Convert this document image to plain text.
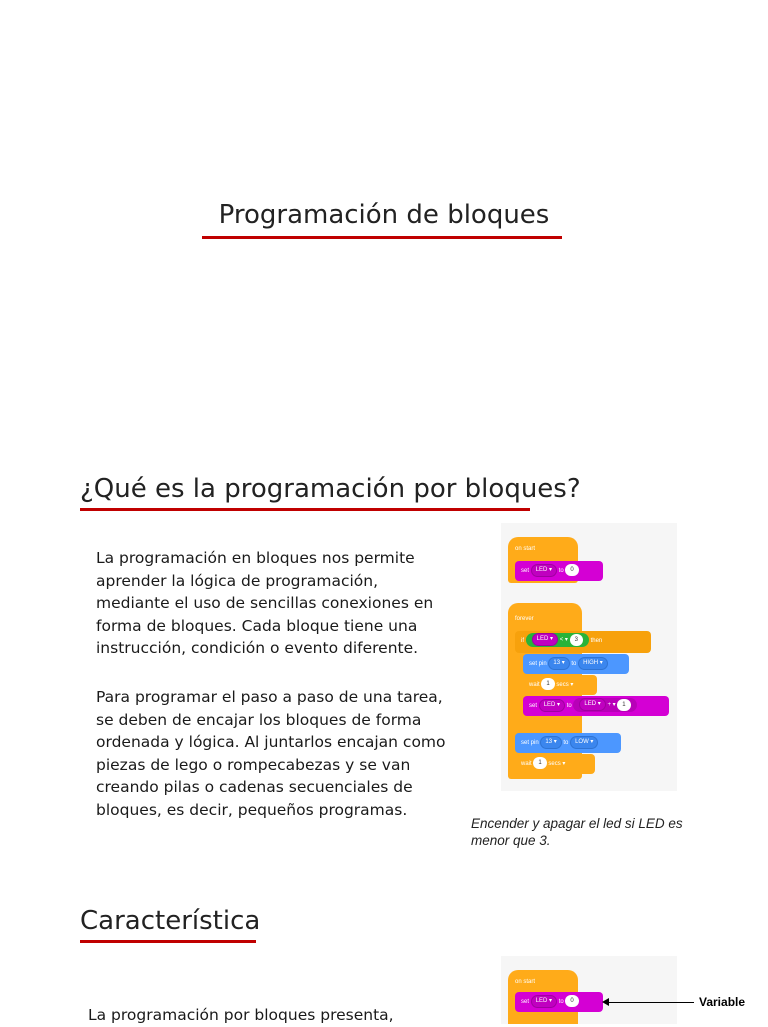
Programación de bloques
¿Qué es la programación por bloques?
La programación en bloques nos permite aprender la lógica de programación, mediante el uso de sencillas conexiones en forma de bloques. Cada bloque tiene una instrucción, condición o evento diferente.
Para programar el paso a paso de una tarea, se deben de encajar los bloques de forma ordenada y lógica. Al juntarlos encajan como piezas de lego o rompecabezas y se van creando pilas o cadenas secuenciales de bloques, es decir, pequeños programas.
on start
set LED ▾ to 0
forever
if LED ▾ < ▾ 3 then
set pin 13 ▾ to HIGH ▾
wait 1 secs ▾
set LED ▾ to LED ▾ + ▾ 1
set pin 13 ▾ to LOW ▾
wait 1 secs ▾
Encender y apagar el led si LED es menor que 3.
Característica
La programación por bloques presenta,
on start
set LED ▾ to 0	Variable
